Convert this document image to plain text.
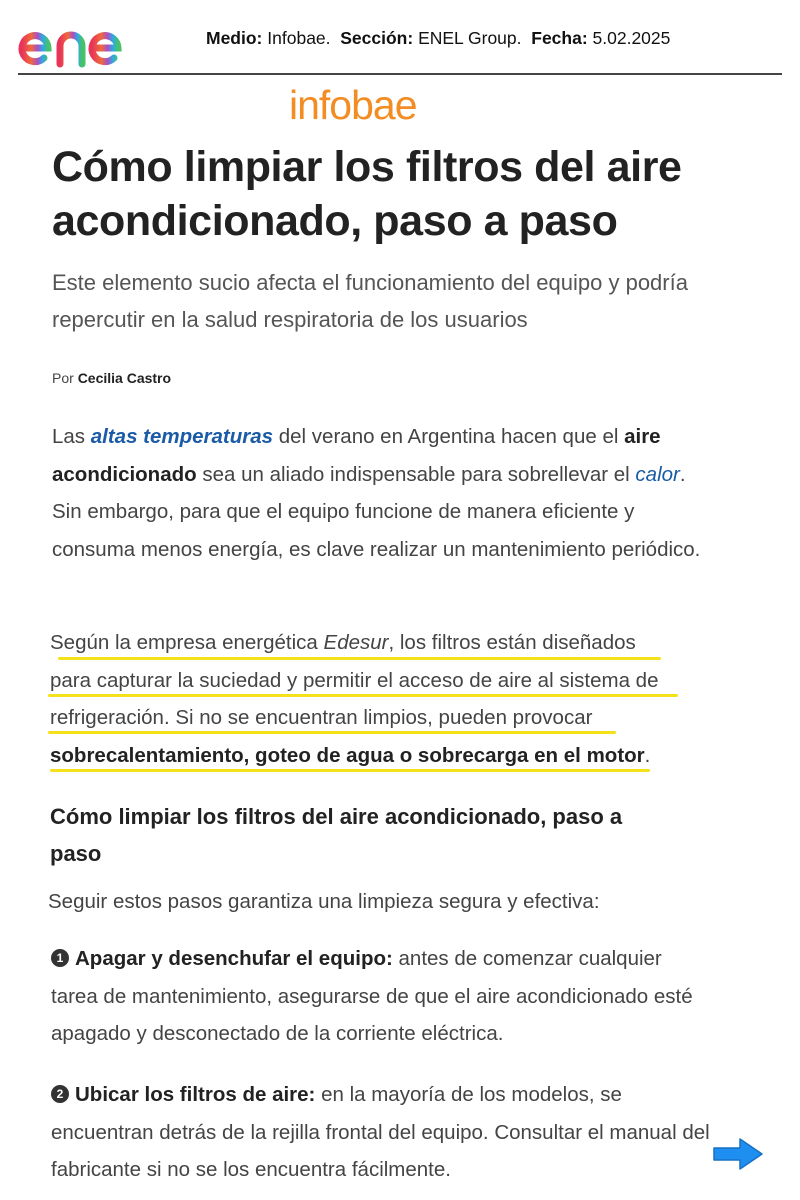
Medio: Infobae. Sección: ENEL Group. Fecha: 5.02.2025
infobae
Cómo limpiar los filtros del aire acondicionado, paso a paso

Este elemento sucio afecta el funcionamiento del equipo y podría repercutir en la salud respiratoria de los usuarios

Por Cecilia Castro

Las altas temperaturas del verano en Argentina hacen que el aire acondicionado sea un aliado indispensable para sobrellevar el calor. Sin embargo, para que el equipo funcione de manera eficiente y consuma menos energía, es clave realizar un mantenimiento periódico.

Según la empresa energética Edesur, los filtros están diseñados
para capturar la suciedad y permitir el acceso de aire al sistema de
refrigeración. Si no se encuentran limpios, pueden provocar
sobrecalentamiento, goteo de agua o sobrecarga en el motor.

Cómo limpiar los filtros del aire acondicionado, paso a paso

Seguir estos pasos garantiza una limpieza segura y efectiva:

1 Apagar y desenchufar el equipo: antes de comenzar cualquier tarea de mantenimiento, asegurarse de que el aire acondicionado esté apagado y desconectado de la corriente eléctrica.

2 Ubicar los filtros de aire: en la mayoría de los modelos, se encuentran detrás de la rejilla frontal del equipo. Consultar el manual del fabricante si no se los encuentra fácilmente.
